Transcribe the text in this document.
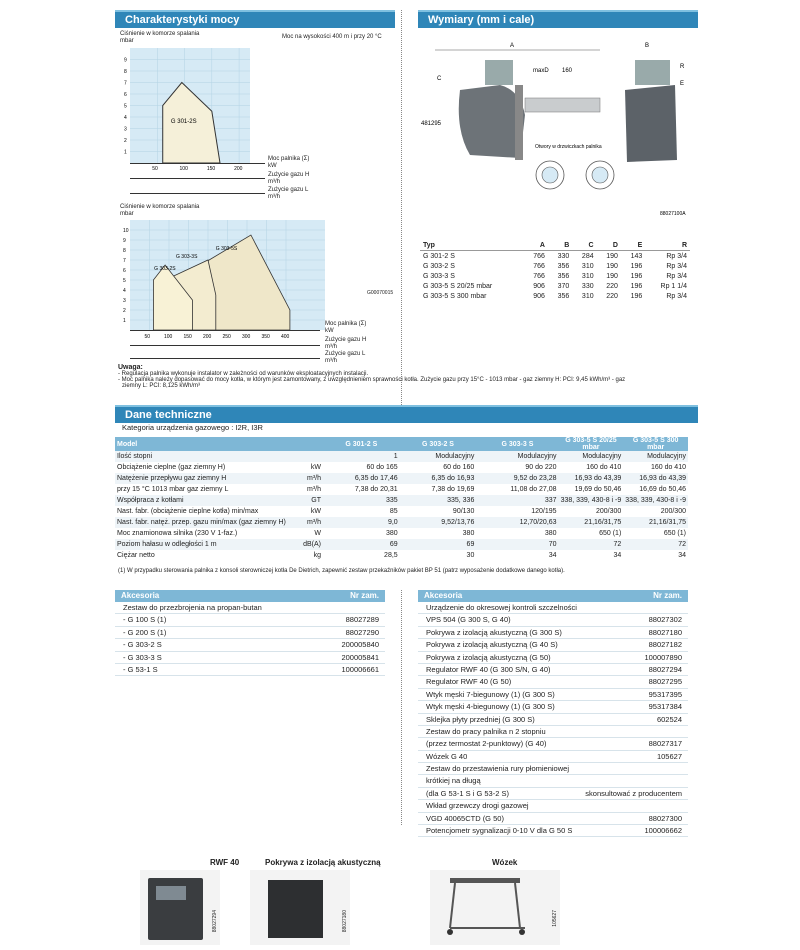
Charakterystyki mocy	Wymiary (mm i cale)
Ciśnienie w komorze spalania
mbar
Moc na wysokości 400 m i przy 20 °C
1
2
3
4
5
6
7
8
9
50	100	150	200
G 301-2S
Moc palnika (Σ)
kW
Zużycie gazu H
m³/h
Zużycie gazu L
m³/h
Ciśnienie w komorze spalania
mbar
G00070015
1
2
3
4
5
6
7
8
9
10
50	100 150 200 250 300 350 400
G 303-2S
G 303-3S
G 303-5S
Moc palnika (Σ)
kW
Zużycie gazu H
m³/h
Zużycie gazu L
m³/h
Uwaga:
- Regulacja palnika wykonuje instalator w zależności od warunków eksploatacyjnych instalacji.
- Moc palnika należy dopasować do mocy kotła, w którym jest zamontowany, z uwzględnieniem sprawności kotła. Zużycie gazu przy 15°C - 1013 mbar - gaz ziemny H: PCI: 9,45 kWh/m³ - gaz
ziemny L: PCI: 8,125 kWh/m³
A
maxD 160
C
481 295
B
E
R
Otwory w drzwiczkach palnika
88027100A
Typ	A	B	C	D	E	R
G 301-2 S	766	330	284	190	143	Rp 3/4
G 303-2 S	766	356	310	190	196	Rp 3/4
G 303-3 S	766	356	310	190	196	Rp 3/4
G 303-5 S 20/25 mbar	906	370	330	220	196	Rp 1 1/4
G 303-5 S 300 mbar	906	356	310	220	196	Rp 3/4
Dane techniczne
Kategoria urządzenia gazowego : I2R, I3R
Model		G 301-2 S	G 303-2 S	G 303-3 S	G 303-5 S 20/25 mbar	G 303-5 S 300 mbar
Ilość stopni		1	Modulacyjny	Modulacyjny	Modulacyjny	Modulacyjny
Obciążenie cieplne (gaz ziemny H)	kW	60 do 165	60 do 160	90 do 220	160 do 410	160 do 410
Natężenie przepływu gaz ziemny H	m³/h	6,35 do 17,46	6,35 do 16,93	9,52 do 23,28	16,93 do 43,39	16,93 do 43,39
przy 15 °C 1013 mbar gaz ziemny L	m³/h	7,38 do 20,31	7,38 do 19,69	11,08 do 27,08	19,69 do 50,46	16,69 do 50,46
Współpraca z kotłami	GT	335	335, 336	337	338, 339, 430-8 i -9	338, 339, 430-8 i -9
Nast. fabr. (obciążenie cieplne kotła) min/max	kW	85	90/130	120/195	200/300	200/300
Nast. fabr. natęż. przep. gazu min/max (gaz ziemny H)	m³/h	9,0	9,52/13,76	12,70/20,63	21,16/31,75	21,16/31,75
Moc znamionowa silnika (230 V 1-faz.)	W	380	380	380	650 (1)	650 (1)
Poziom hałasu w odległości 1 m	dB(A)	69	69	70	72	72
Ciężar netto	kg	28,5	30	34	34	34
(1) W przypadku sterowania palnika z konsoli sterowniczej kotła De Dietrich, zapewnić zestaw przekaźników pakiet BP 51 (patrz wyposażenie dodatkowe danego kotła).
Akcesoria	Nr zam.
Zestaw do przezbrojenia na propan-butan
- G 100 S (1)	88027289
- G 200 S (1)	88027290
- G 303-2 S	200005840
- G 303-3 S	200005841
- G 53-1 S	100006661
Akcesoria	Nr zam.
Urządzenie do okresowej kontroli szczelności
VPS 504 (G 300 S, G 40)	88027302
Pokrywa z izolacją akustyczną (G 300 S)	88027180
Pokrywa z izolacją akustyczną (G 40 S)	88027182
Pokrywa z izolacją akustyczną (G 50)	100007890
Regulator RWF 40 (G 300 S/N, G 40)	88027294
Regulator RWF 40 (G 50)	88027295
Wtyk męski 7-biegunowy (1) (G 300 S)	95317395
Wtyk męski 4-biegunowy (1) (G 300 S)	95317384
Sklejka płyty przedniej (G 300 S)	602524
Zestaw do pracy palnika n 2 stopniu
(przez termostat 2-punktowy) (G 40)	88027317
Wózek G 40	105627
Zestaw do przestawienia rury płomieniowej
krótkiej na długą
(dla G 53-1 S i G 53-2 S)	skonsultować z producentem
Wkład grzewczy drogi gazowej
VGD 40065CTD (G 50)	88027300
Potencjometr sygnalizacji 0-10 V dla G 50 S	100006662
RWF 40
88027294
Pokrywa z izolacją akustyczną
88027180
Wózek
105627
